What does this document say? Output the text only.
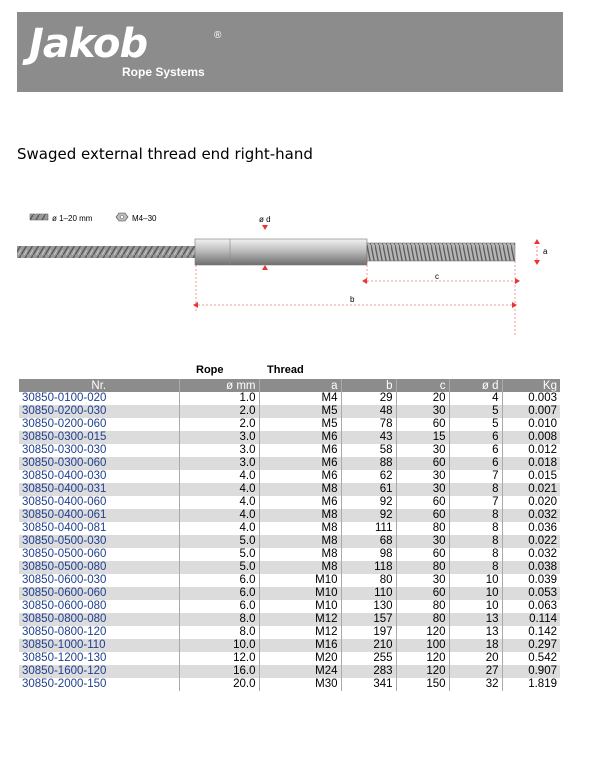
Jakob	®
Rope Systems
Swaged external thread end right-hand
ø 1–20 mm	M4–30	ø d
a
c
b
Rope	Thread
Nr.	ø mm	a	b	c	ø d	Kg
30850-0100-020	1.0	M4	29	20	4	0.003
30850-0200-030	2.0	M5	48	30	5	0.007
30850-0200-060	2.0	M5	78	60	5	0.010
30850-0300-015	3.0	M6	43	15	6	0.008
30850-0300-030	3.0	M6	58	30	6	0.012
30850-0300-060	3.0	M6	88	60	6	0.018
30850-0400-030	4.0	M6	62	30	7	0.015
30850-0400-031	4.0	M8	61	30	8	0.021
30850-0400-060	4.0	M6	92	60	7	0.020
30850-0400-061	4.0	M8	92	60	8	0.032
30850-0400-081	4.0	M8	111	80	8	0.036
30850-0500-030	5.0	M8	68	30	8	0.022
30850-0500-060	5.0	M8	98	60	8	0.032
30850-0500-080	5.0	M8	118	80	8	0.038
30850-0600-030	6.0	M10	80	30	10	0.039
30850-0600-060	6.0	M10	110	60	10	0.053
30850-0600-080	6.0	M10	130	80	10	0.063
30850-0800-080	8.0	M12	157	80	13	0.114
30850-0800-120	8.0	M12	197	120	13	0.142
30850-1000-110	10.0	M16	210	100	18	0.297
30850-1200-130	12.0	M20	255	120	20	0.542
30850-1600-120	16.0	M24	283	120	27	0.907
30850-2000-150	20.0	M30	341	150	32	1.819
